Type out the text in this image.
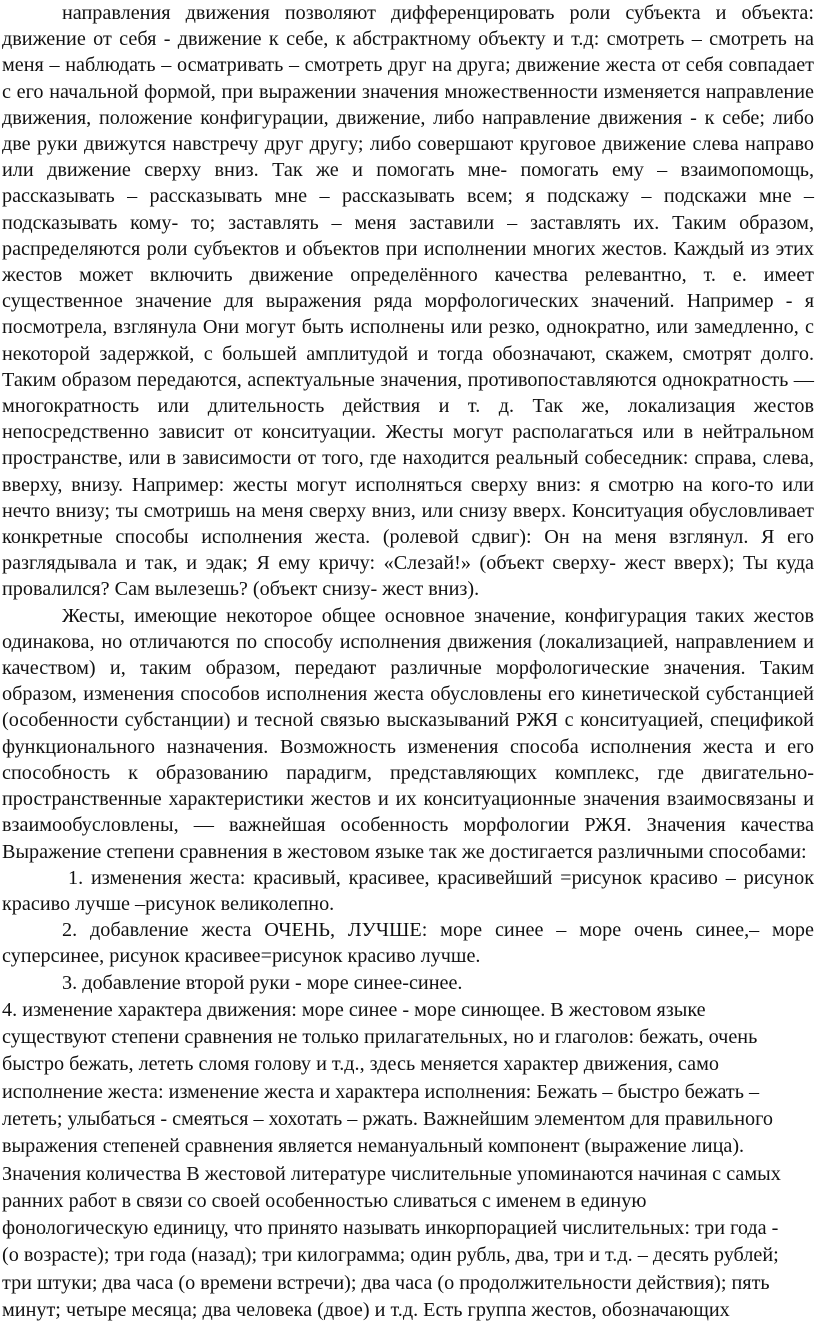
направления движения позволяют дифференцировать роли субъекта и объекта: движение от себя - движение к себе, к абстрактному объекту и т.д: смотреть – смотреть на меня – наблюдать – осматривать – смотреть друг на друга; движение жеста от себя совпадает с его начальной формой, при выражении значения множественности изменяется направление движения, положение конфигурации, движение, либо направление движения - к себе; либо две руки движутся навстречу друг другу; либо совершают круговое движение слева направо или движение сверху вниз. Так же и помогать мне- помогать ему – взаимопомощь, рассказывать – рассказывать мне – рассказывать всем; я подскажу – подскажи мне – подсказывать кому- то; заставлять – меня заставили – заставлять их. Таким образом, распределяются роли субъектов и объектов при исполнении многих жестов. Каждый из этих жестов может включить движение определённого качества релевантно, т. е. имеет существенное значение для выражения ряда морфологических значений. Например - я посмотрела, взглянула Они могут быть исполнены или резко, однократно, или замедленно, с некоторой задержкой, с большей амплитудой и тогда обозначают, скажем, смотрят долго. Таким образом передаются, аспектуальные значения, противопоставляются однократность –– многократность или длительность действия и т. д. Так же, локализация жестов непосредственно зависит от конситуации. Жесты могут располагаться или в нейтральном пространстве, или в зависимости от того, где находится реальный собеседник: справа, слева, вверху, внизу. Например: жесты могут исполняться сверху вниз: я смотрю на кого-то или нечто внизу; ты смотришь на меня сверху вниз, или снизу вверх. Конситуация обусловливает конкретные способы исполнения жеста. (ролевой сдвиг): Он на меня взглянул. Я его разглядывала и так, и эдак; Я ему кричу: «Слезай!» (объект сверху- жест вверх); Ты куда провалился? Сам вылезешь? (объект снизу- жест вниз).

Жесты, имеющие некоторое общее основное значение, конфигурация таких жестов одинакова, но отличаются по способу исполнения движения (локализацией, направлением и качеством) и, таким образом, передают различные морфологические значения. Таким образом, изменения способов исполнения жеста обусловлены его кинетической субстанцией (особенности субстанции) и тесной связью высказываний РЖЯ с конситуацией, спецификой функционального назначения. Возможность изменения способа исполнения жеста и его способность к образованию парадигм, представляющих комплекс, где двигательно-пространственные характеристики жестов и их конситуационные значения взаимосвязаны и взаимообусловлены, –– важнейшая особенность морфологии РЖЯ. Значения качества Выражение степени сравнения в жестовом языке так же достигается различными способами:

1. изменения жеста: красивый, красивее, красивейший =рисунок красиво – рисунок красиво лучше –рисунок великолепно.

2. добавление жеста ОЧЕНЬ, ЛУЧШЕ: море синее – море очень синее,– море суперсинее, рисунок красивее=рисунок красиво лучше.

3. добавление второй руки - море синее-синее.

4. изменение характера движения: море синее - море синющее. В жестовом языке

существуют степени сравнения не только прилагательных, но и глаголов: бежать, очень

быстро бежать, лететь сломя голову и т.д., здесь меняется характер движения, само

исполнение жеста: изменение жеста и характера исполнения: Бежать – быстро бежать –

лететь; улыбаться - смеяться – хохотать – ржать. Важнейшим элементом для правильного

выражения степеней сравнения является немануальный компонент (выражение лица).

Значения количества В жестовой литературе числительные упоминаются начиная с самых

ранних работ в связи со своей особенностью сливаться с именем в единую

фонологическую единицу, что принято называть инкорпорацией числительных: три года -

(о возрасте); три года (назад); три килограмма; один рубль, два, три и т.д. – десять рублей;

три штуки; два часа (о времени встречи); два часа (о продолжительности действия); пять

минут; четыре месяца; два человека (двое) и т.д. Есть группа жестов, обозначающих
